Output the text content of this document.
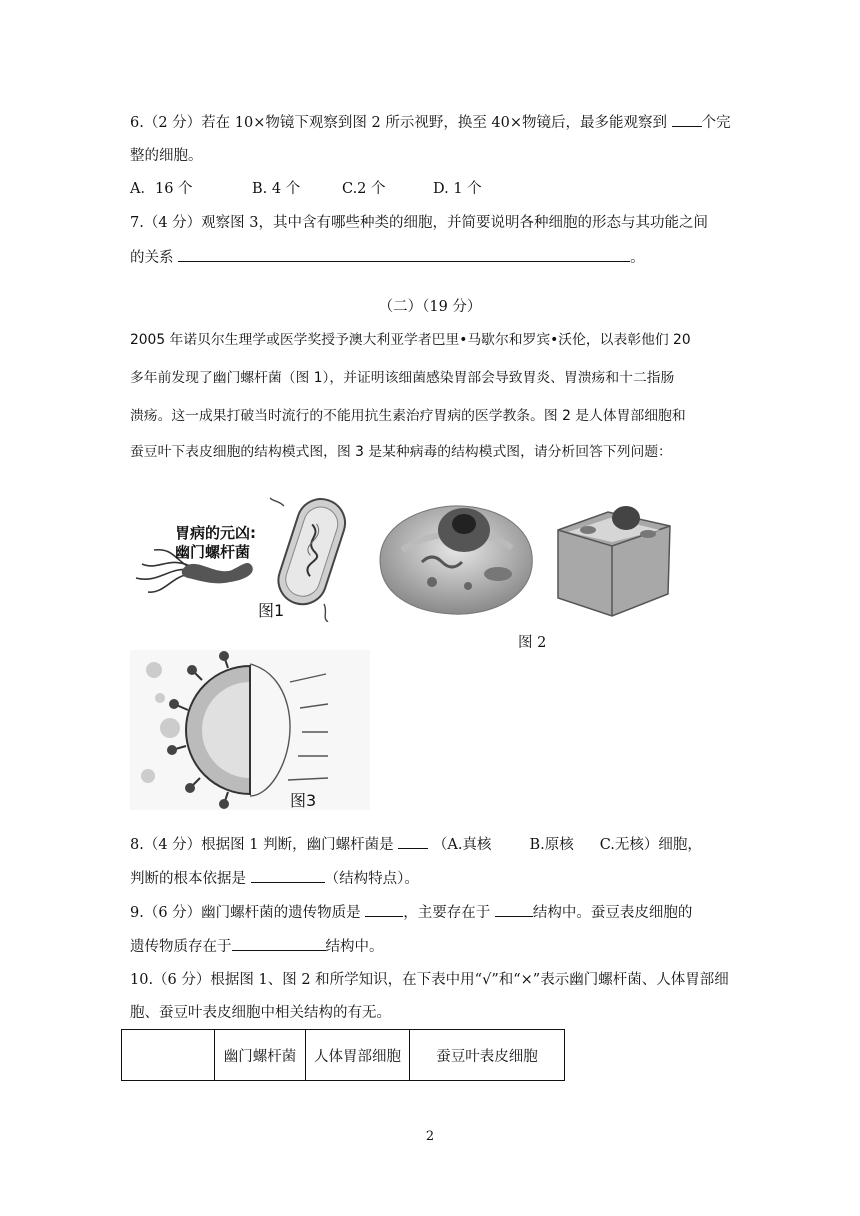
6.（2 分）若在 10×物镜下观察到图 2 所示视野，换至 40×物镜后，最多能观察到 个完
整的细胞。
A．16 个	B. 4 个	C.2 个	D. 1 个
7.（4 分）观察图 3，其中含有哪些种类的细胞，并简要说明各种细胞的形态与其功能之间
的关系	。
（二）（19 分）
2005 年诺贝尔生理学或医学奖授予澳大利亚学者巴里•马歇尔和罗宾•沃伦，以表彰他们 20
多年前发现了幽门螺杆菌（图 1），并证明该细菌感染胃部会导致胃炎、胃溃疡和十二指肠
溃疡。这一成果打破当时流行的不能用抗生素治疗胃病的医学教条。图 2 是人体胃部细胞和
蚕豆叶下表皮细胞的结构模式图，图 3 是某种病毒的结构模式图，请分析回答下列问题：
胃病的元凶:
幽门螺杆菌
图1
图 2
图3
8.（4 分）根据图 1 判断，幽门螺杆菌是	（A.真核	B.原核 C.无核）细胞，
判断的根本依据是	（结构特点）。
9.（6 分）幽门螺杆菌的遗传物质是	，主要存在于	结构中。蚕豆表皮细胞的
遗传物质存在于	结构中。
10.（6 分）根据图 1、图 2 和所学知识，在下表中用“√”和“×”表示幽门螺杆菌、人体胃部细
胞、蚕豆叶表皮细胞中相关结构的有无。
	幽门螺杆菌	人体胃部细胞	蚕豆叶表皮细胞
2
